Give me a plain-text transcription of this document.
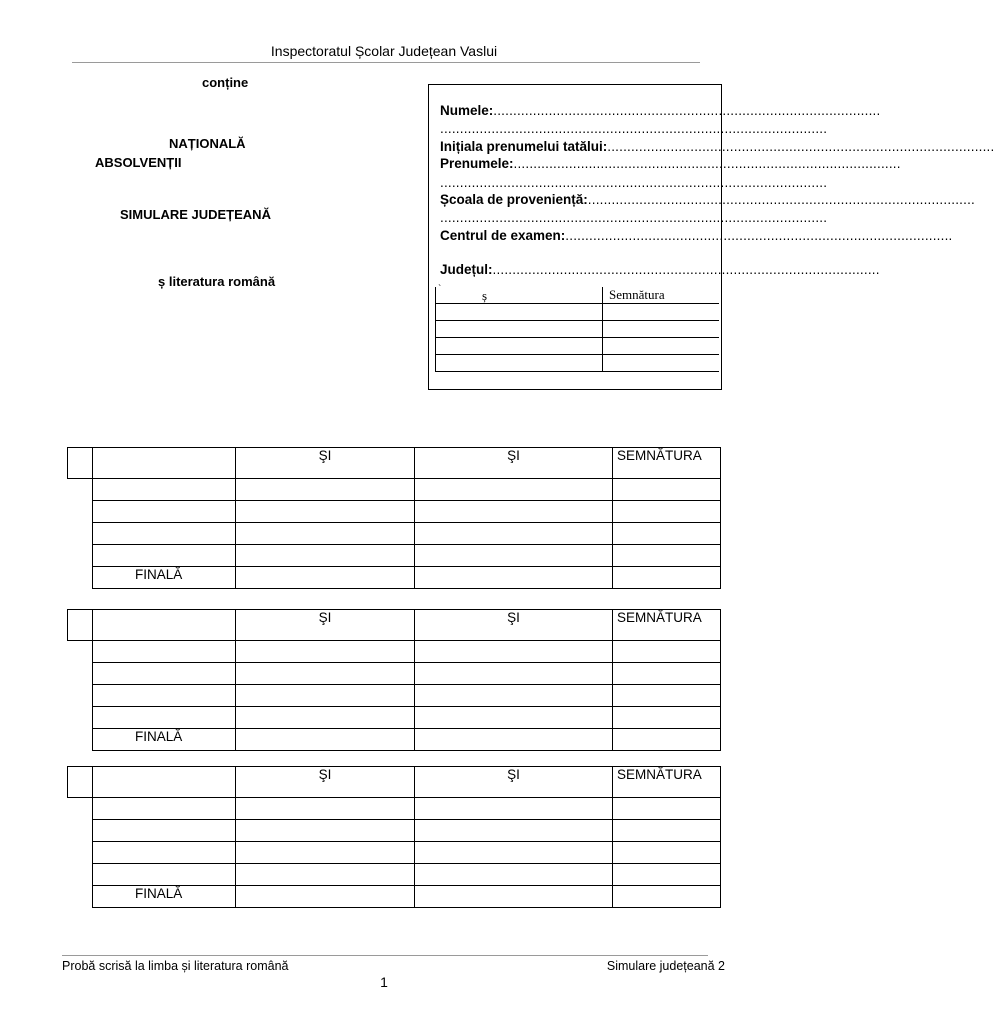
Inspectoratul Școlar Județean Vaslui
conține
NAȚIONALĂ
ABSOLVENȚII
SIMULARE JUDEȚEANĂ
ș literatura română
Numele:..................................................................................................
..................................................................................................
Inițiala prenumelui tatălui:..................................................................................................
Prenumele:..................................................................................................
..................................................................................................
Școala de proveniență:..................................................................................................
..................................................................................................
Centrul de examen:..................................................................................................
Județul:..................................................................................................
` ș	Semnătura

		ŞI	ŞI	SEMNĂTURA

	FINALĂ			
		ŞI	ŞI	SEMNĂTURA

	FINALĂ			
		ŞI	ŞI	SEMNĂTURA

	FINALĂ			
Probă scrisă la limba și literatura română	Simulare județeană 2
1
